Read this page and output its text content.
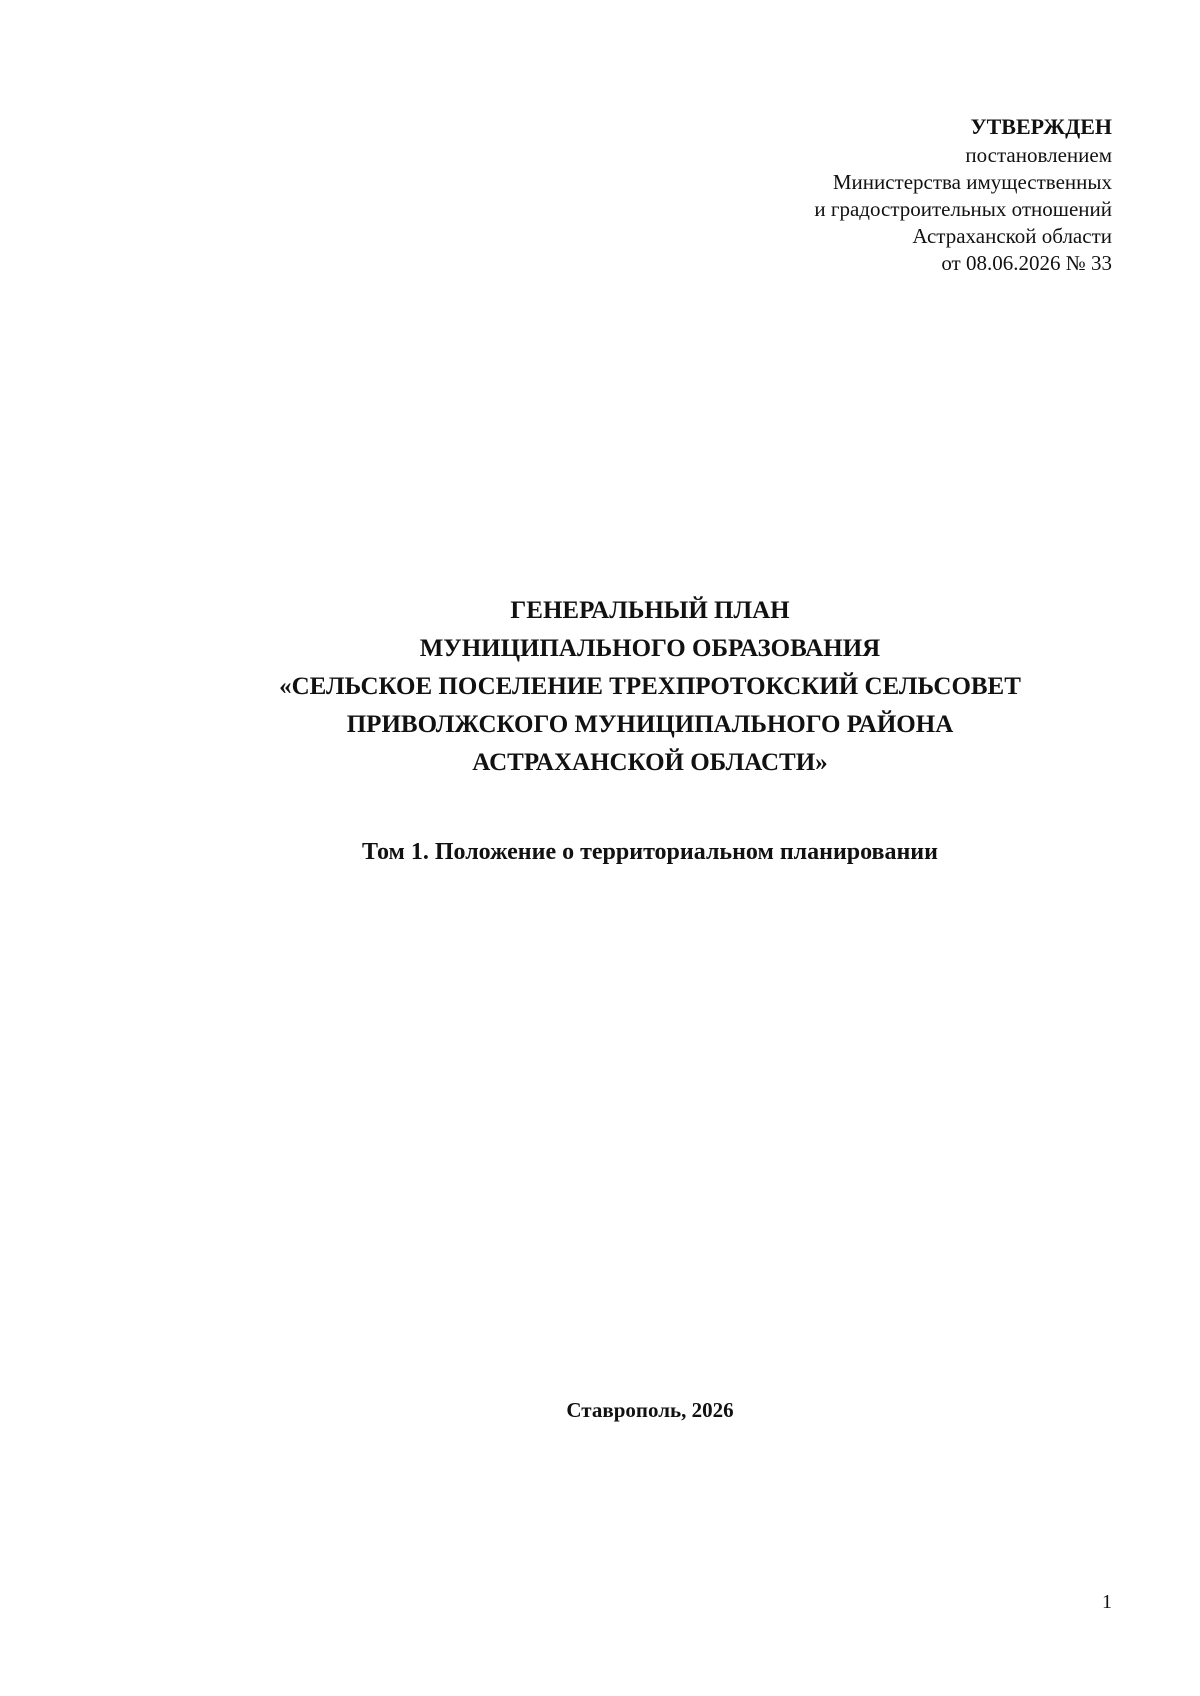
УТВЕРЖДЕН
постановлением
Министерства имущественных
и градостроительных отношений
Астраханской области
от 08.06.2026 № 33
ГЕНЕРАЛЬНЫЙ ПЛАН
МУНИЦИПАЛЬНОГО ОБРАЗОВАНИЯ
«СЕЛЬСКОЕ ПОСЕЛЕНИЕ ТРЕХПРОТОКСКИЙ СЕЛЬСОВЕТ
ПРИВОЛЖСКОГО МУНИЦИПАЛЬНОГО РАЙОНА
АСТРАХАНСКОЙ ОБЛАСТИ»
Том 1. Положение о территориальном планировании
Ставрополь, 2026
1
